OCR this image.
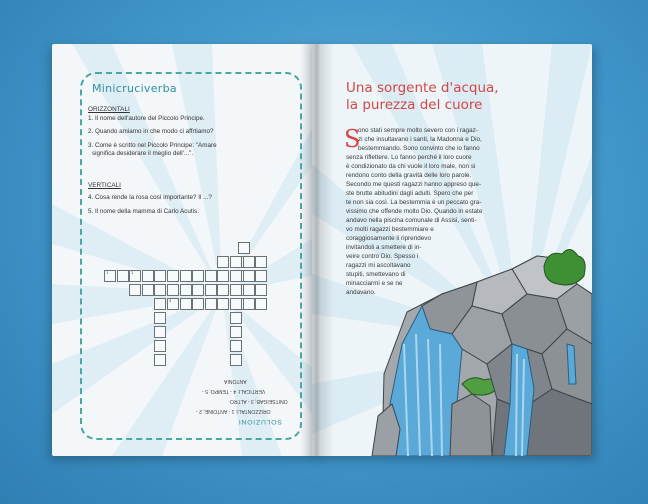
Minicruciverba
ORIZZONTALI
1. Il nome dell'autore del Piccolo Principe.
2. Quando amiamo in che modo ci affrtiamo?
3. Come è scritto nel Piccolo Principe: "Amare
significa desiderare il meglio dell'...".
VERTICALI
4. Cosa rende la rosa così importante? Il ...?
5. Il nome della mamma di Carlo Acutis.
ANTONIA
VERTICALI: 4 - TEMPO; 5 -
ONITSEIGAB; 3 - ALTRO
ORIZZONTALI: 1 - ANTOINE; 2 -
SOLUZIONI
1	2
3
Una sorgente d'acqua,
la purezza del cuore
S
ono stati sempre molto severo con i ragaz-
zi che insultavano i santi, la Madonna e Dio,
bestemmiando. Sono convinto che lo fanno
senza riflettere. Lo fanno perché il loro cuore
è condizionato da chi vuole il loro male, non si
rendono conto della gravità delle loro parole.
Secondo me questi ragazzi hanno appreso que-
ste brutte abitudini dagli adulti. Spero che per
te non sia così. La bestemmia è un peccato gra-
vissimo che offende molto Dio. Quando in estate
andavo nella piscina comunale di Assisi, senti-
vo molti ragazzi bestemmiare e
coraggiosamente li riprendevo
invitandoli a smettere di in-
veire contro Dio. Spesso i
ragazzi mi ascoltavano
stupiti, smettevano di
minacciarmi e se ne
andavano.
